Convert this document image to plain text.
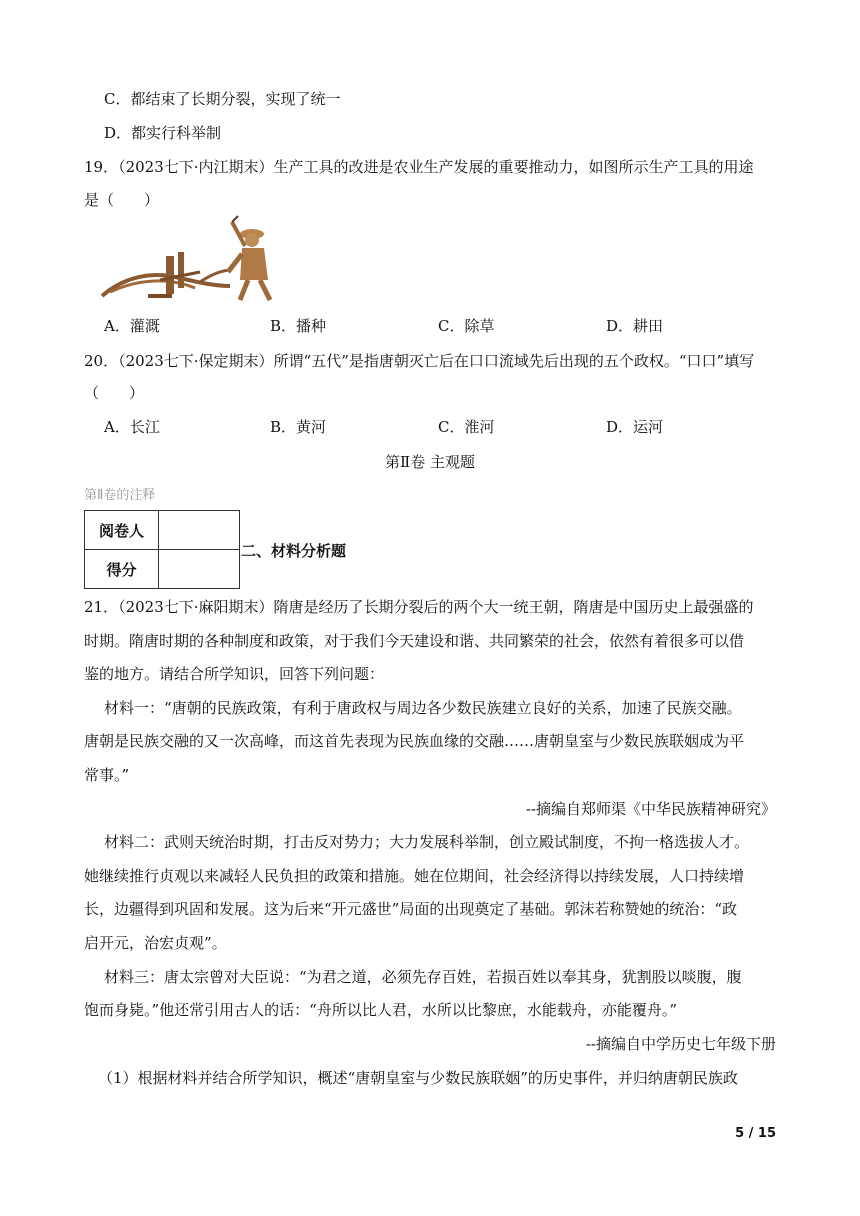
C．都结束了长期分裂，实现了统一
D．都实行科举制
19．（2023七下·内江期末）生产工具的改进是农业生产发展的重要推动力，如图所示生产工具的用途
是（　　）
A．灌溉	B．播种	C．除草	D．耕田
20．（2023七下·保定期末）所谓“五代”是指唐朝灭亡后在口口流域先后出现的五个政权。“口口”填写
（　　）
A．长江	B．黄河	C．淮河	D．运河
第Ⅱ卷 主观题
第Ⅱ卷的注释
阅卷人	
得分	
二、材料分析题
21．（2023七下·麻阳期末）隋唐是经历了长期分裂后的两个大一统王朝，隋唐是中国历史上最强盛的
时期。隋唐时期的各种制度和政策，对于我们今天建设和谐、共同繁荣的社会，依然有着很多可以借
鉴的地方。请结合所学知识，回答下列问题：
材料一：“唐朝的民族政策，有利于唐政权与周边各少数民族建立良好的关系，加速了民族交融。
唐朝是民族交融的又一次高峰，而这首先表现为民族血缘的交融……唐朝皇室与少数民族联姻成为平
常事。”
--摘编自郑师渠《中华民族精神研究》
材料二：武则天统治时期，打击反对势力；大力发展科举制，创立殿试制度，不拘一格选拔人才。
她继续推行贞观以来减轻人民负担的政策和措施。她在位期间，社会经济得以持续发展，人口持续增
长，边疆得到巩固和发展。这为后来“开元盛世”局面的出现奠定了基础。郭沫若称赞她的统治：“政
启开元，治宏贞观”。
材料三：唐太宗曾对大臣说：“为君之道，必须先存百姓，若损百姓以奉其身，犹割股以啖腹，腹
饱而身毙。”他还常引用古人的话：“舟所以比人君，水所以比黎庶，水能载舟，亦能覆舟。”
--摘编自中学历史七年级下册
（1）根据材料并结合所学知识，概述“唐朝皇室与少数民族联姻”的历史事件，并归纳唐朝民族政
5 / 15
